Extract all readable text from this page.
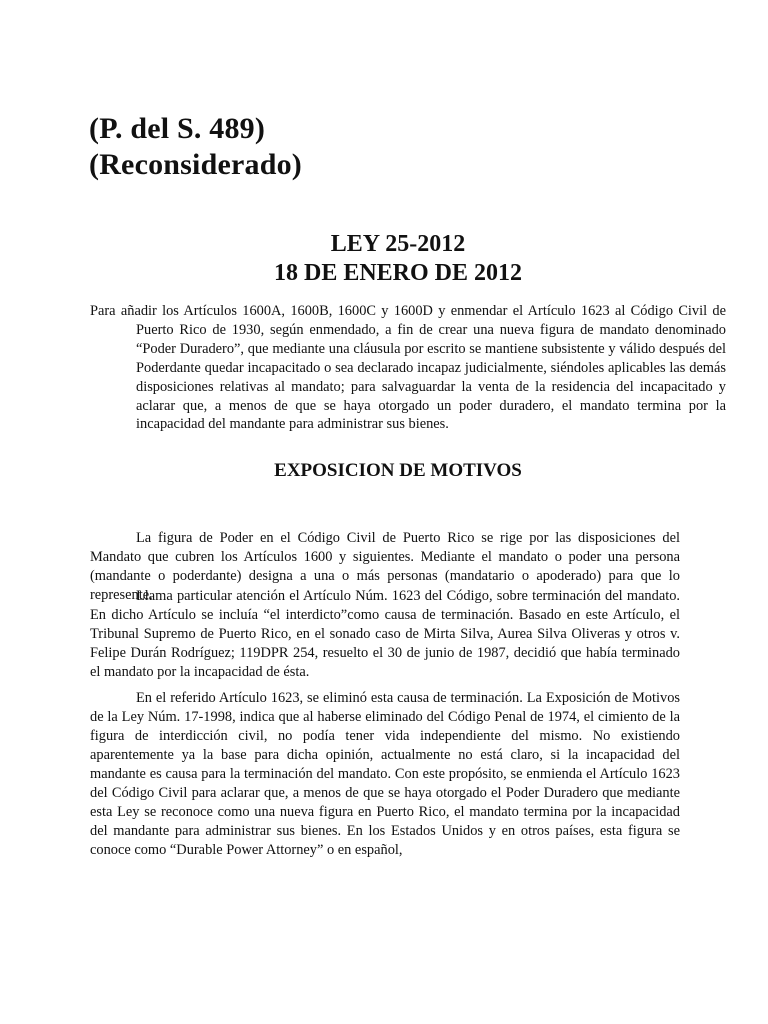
(P. del S. 489)
(Reconsiderado)
LEY 25-2012
18 DE ENERO DE 2012
Para añadir los Artículos 1600A, 1600B, 1600C y 1600D y enmendar el Artículo 1623 al Código Civil de Puerto Rico de 1930, según enmendado, a fin de crear una nueva figura de mandato denominado “Poder Duradero”, que mediante una cláusula por escrito se mantiene subsistente y válido después del Poderdante quedar incapacitado o sea declarado incapaz judicialmente, siéndoles aplicables las demás disposiciones relativas al mandato; para salvaguardar la venta de la residencia del incapacitado y aclarar que, a menos de que se haya otorgado un poder duradero, el mandato termina por la incapacidad del mandante para administrar sus bienes.
EXPOSICION DE MOTIVOS
La figura de Poder en el Código Civil de Puerto Rico se rige por las disposiciones del Mandato que cubren los Artículos 1600 y siguientes. Mediante el mandato o poder una persona (mandante o poderdante) designa a una o más personas (mandatario o apoderado) para que lo represente.
Llama particular atención el Artículo Núm. 1623 del Código, sobre terminación del mandato. En dicho Artículo se incluía “el interdicto”como causa de terminación. Basado en este Artículo, el Tribunal Supremo de Puerto Rico, en el sonado caso de Mirta Silva, Aurea Silva Oliveras y otros v. Felipe Durán Rodríguez; 119DPR 254, resuelto el 30 de junio de 1987, decidió que había terminado el mandato por la incapacidad de ésta.
En el referido Artículo 1623, se eliminó esta causa de terminación. La Exposición de Motivos de la Ley Núm. 17-1998, indica que al haberse eliminado del Código Penal de 1974, el cimiento de la figura de interdicción civil, no podía tener vida independiente del mismo. No existiendo aparentemente ya la base para dicha opinión, actualmente no está claro, si la incapacidad del mandante es causa para la terminación del mandato. Con este propósito, se enmienda el Artículo 1623 del Código Civil para aclarar que, a menos de que se haya otorgado el Poder Duradero que mediante esta Ley se reconoce como una nueva figura en Puerto Rico, el mandato termina por la incapacidad del mandante para administrar sus bienes. En los Estados Unidos y en otros países, esta figura se conoce como “Durable Power Attorney” o en español,
